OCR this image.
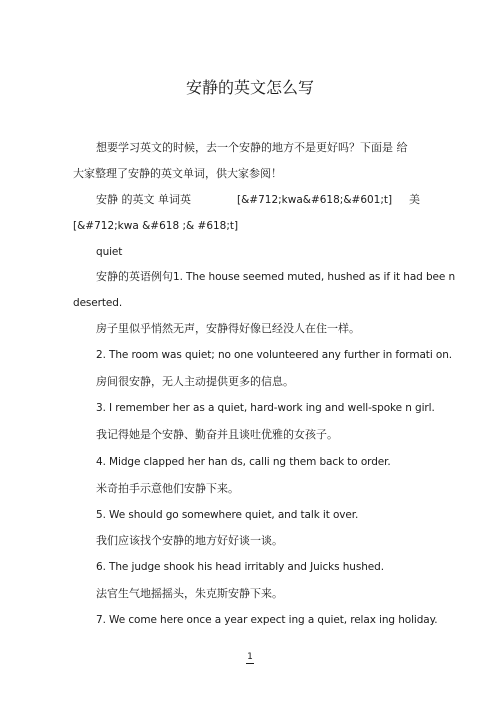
安静的英文怎么写
想要学习英文的时候，去一个安静的地方不是更好吗？下面是 给
大家整理了安静的英文单词，供大家参阅！
安静 的英文 单词英	[&#712;kwa&#618;&#601;t] 美
[&#712;kwa &#618 ;& #618;t]
quiet
安静的英语例句 1. The house seemed muted, hushed as if it had bee n
deserted.
房子里似乎悄然无声，安静得好像已经没人在住一样。
2. The room was quiet; no one volunteered any further in formati on.
房间很安静，无人主动提供更多的信息。
3. I remember her as a quiet, hard-work ing and well-spoke n girl.
我记得她是个安静、勤奋并且谈吐优雅的女孩子。
4. Midge clapped her han ds, calli ng them back to order.
米奇拍手示意他们安静下来。
5. We should go somewhere quiet, and talk it over.
我们应该找个安静的地方好好谈一谈。
6. The judge shook his head irritably and Juicks hushed.
法官生气地摇摇头，朱克斯安静下来。
7. We come here once a year expect ing a quiet, relax ing holiday.
1
